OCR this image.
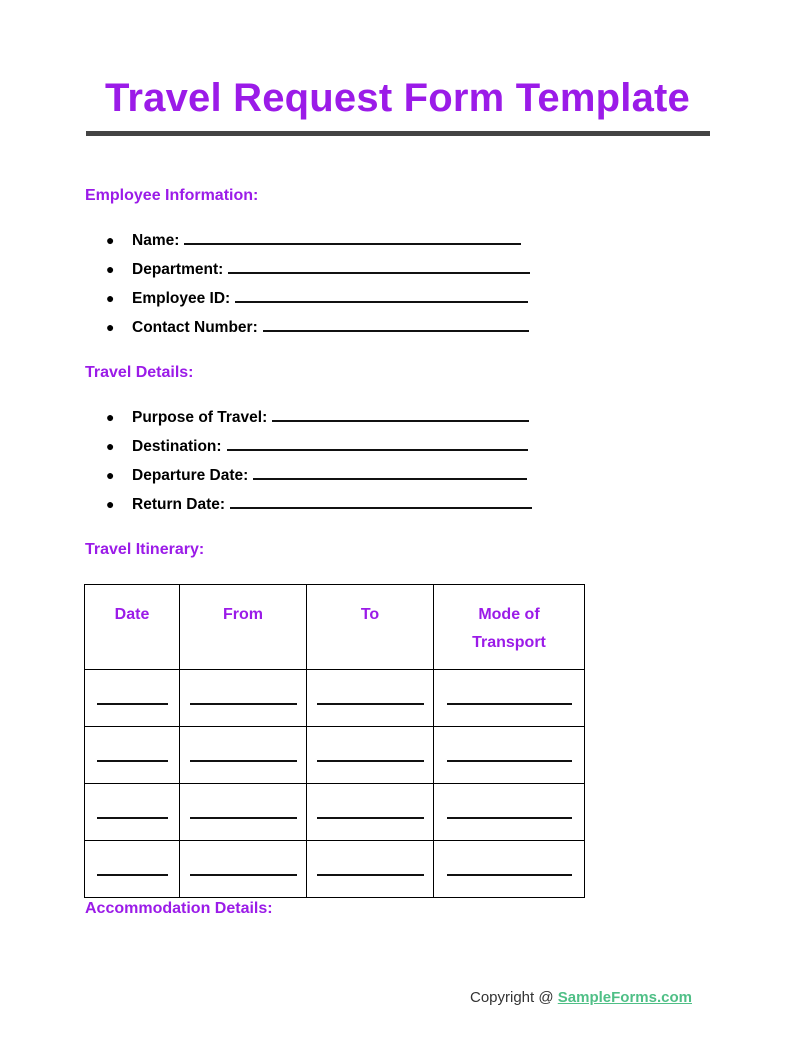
Travel Request Form Template
Employee Information:
● Name:
● Department:
● Employee ID:
● Contact Number:
Travel Details:
● Purpose of Travel:
● Destination:
● Departure Date:
● Return Date:
Travel Itinerary:
Date	From	To	Mode of Transport

Accommodation Details:
Copyright @ SampleForms.com
